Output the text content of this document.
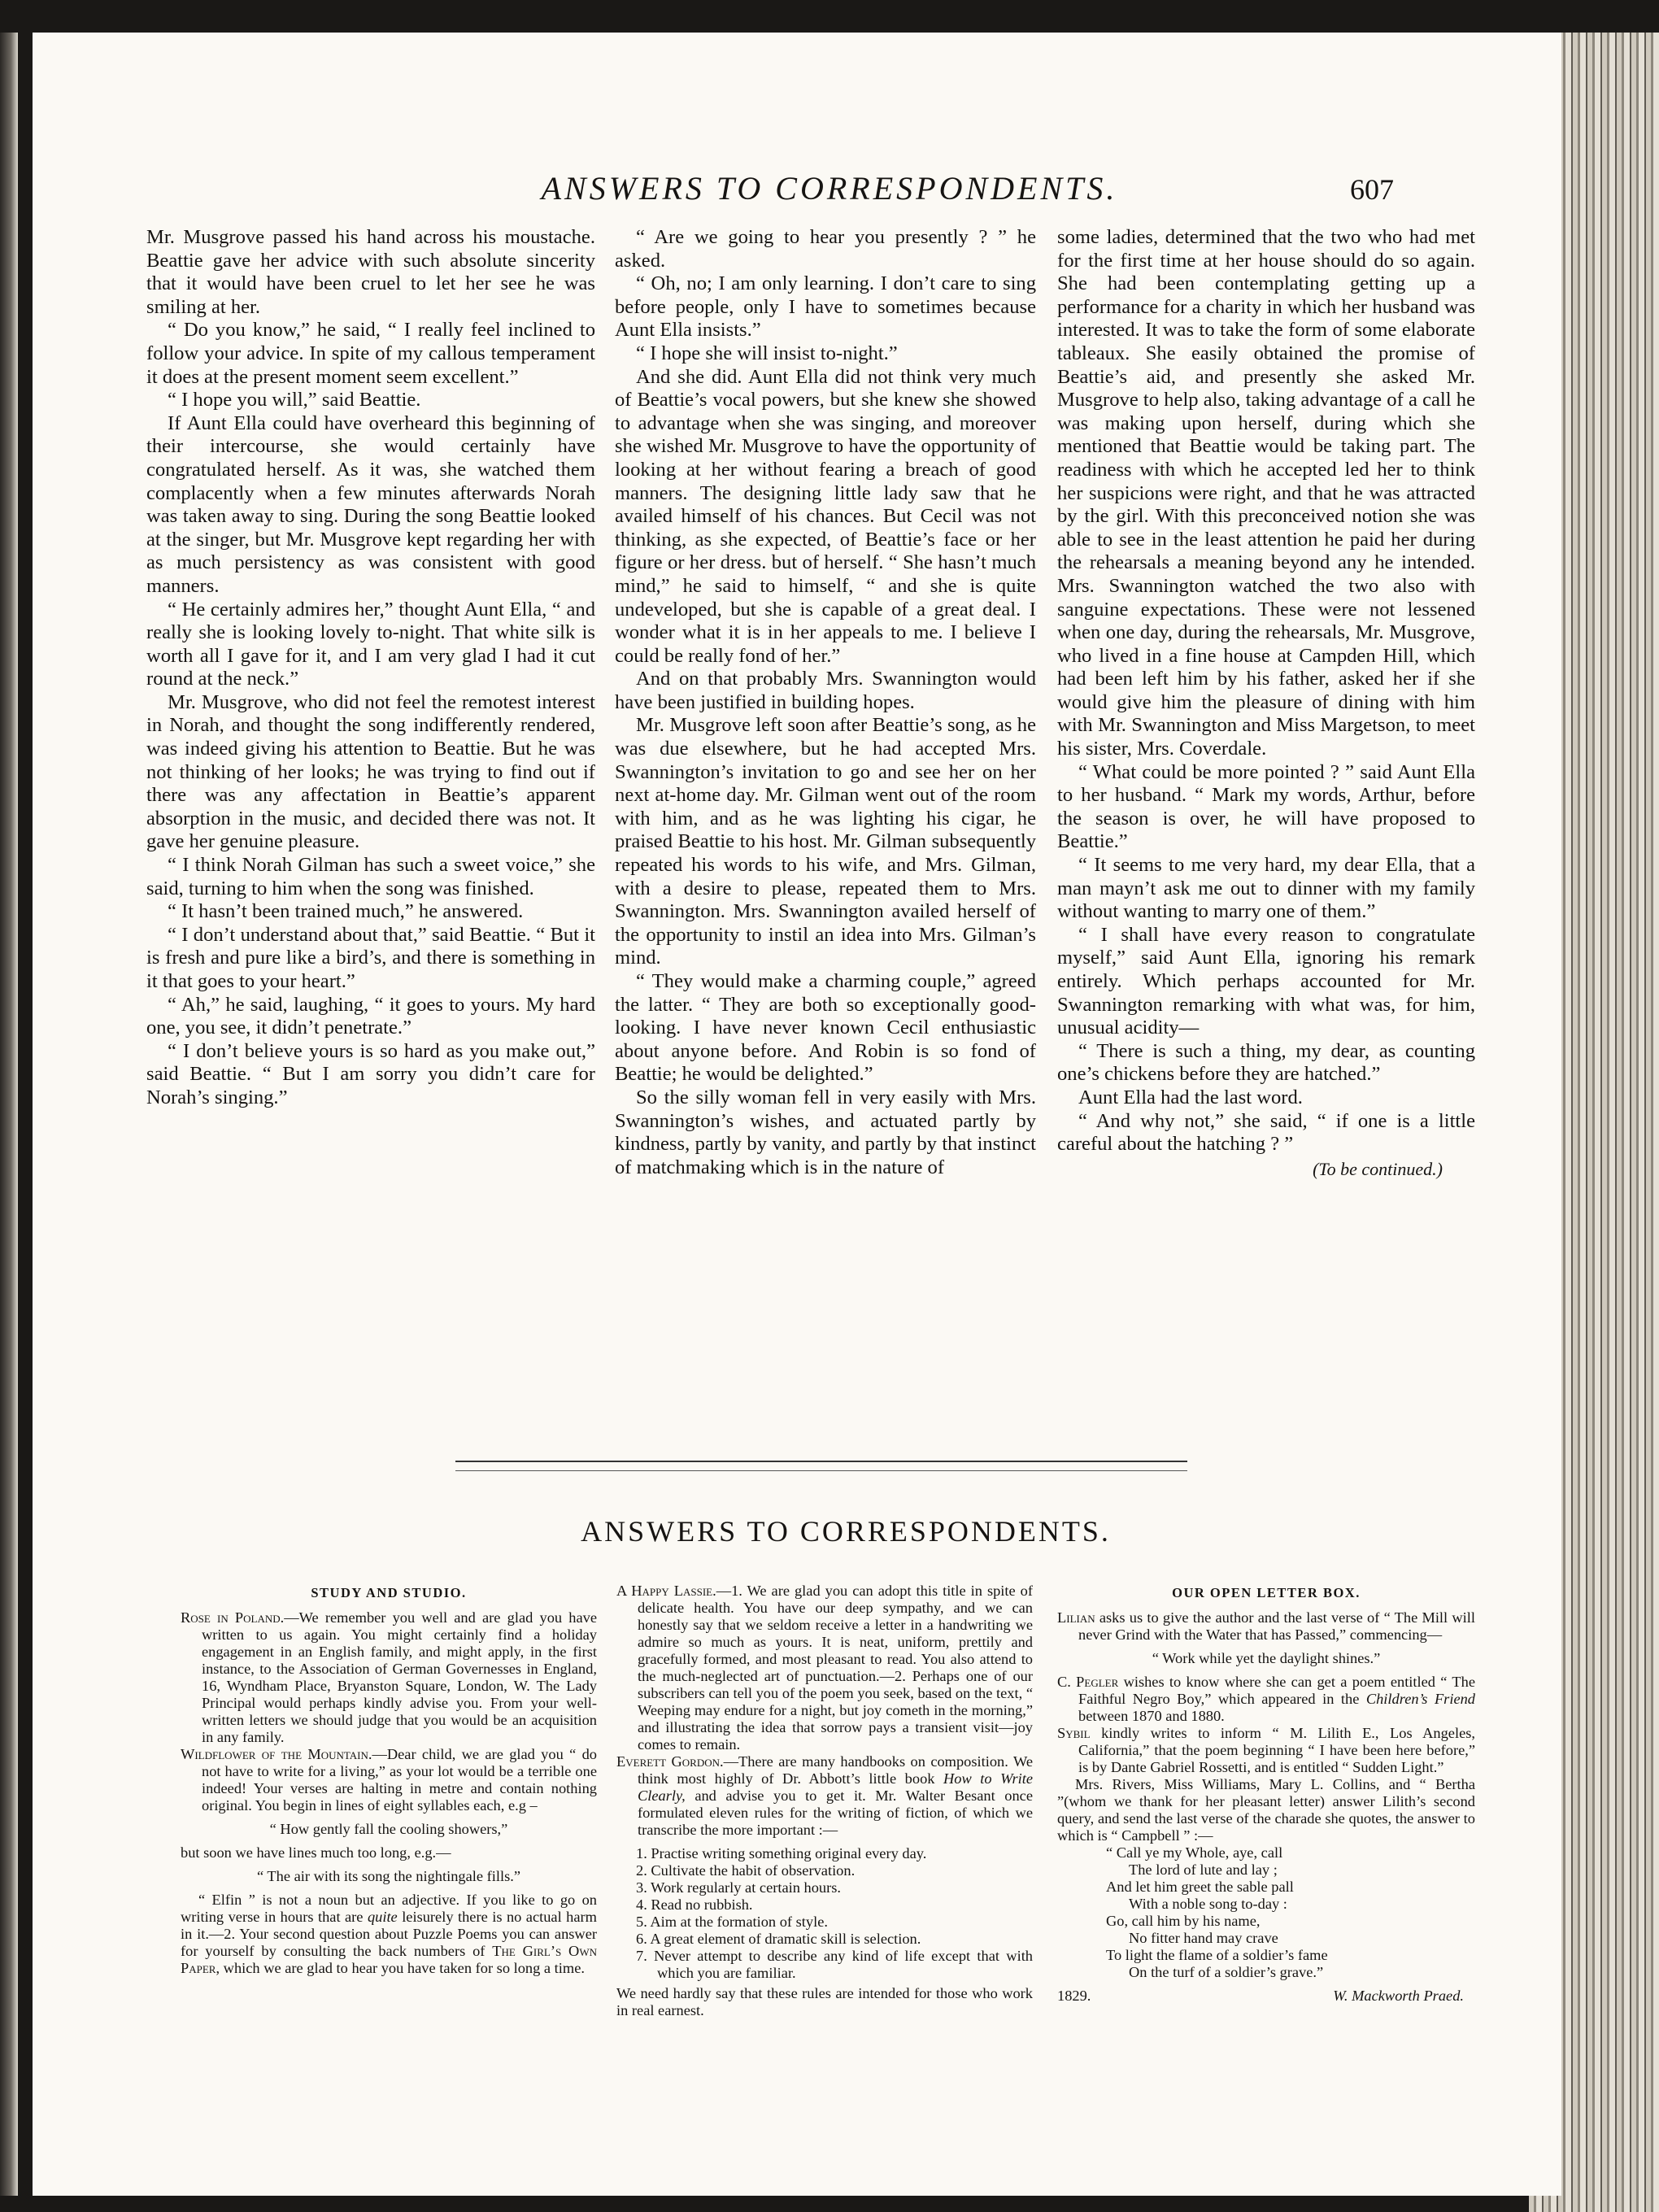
ANSWERS TO CORRESPONDENTS.	607

Mr. Musgrove passed his hand across his moustache. Beattie gave her advice with such absolute sincerity that it would have been cruel to let her see he was smiling at her.

“ Do you know,” he said, “ I really feel inclined to follow your advice. In spite of my callous temperament it does at the present moment seem excellent.”

“ I hope you will,” said Beattie.

If Aunt Ella could have overheard this beginning of their intercourse, she would certainly have congratulated herself. As it was, she watched them complacently when a few minutes afterwards Norah was taken away to sing. During the song Beattie looked at the singer, but Mr. Musgrove kept regarding her with as much persistency as was consistent with good manners.

“ He certainly admires her,” thought Aunt Ella, “ and really she is looking lovely to-night. That white silk is worth all I gave for it, and I am very glad I had it cut round at the neck.”

Mr. Musgrove, who did not feel the remotest interest in Norah, and thought the song indifferently rendered, was indeed giving his attention to Beattie. But he was not thinking of her looks; he was trying to find out if there was any affectation in Beattie’s apparent absorption in the music, and decided there was not. It gave her genuine pleasure.

“ I think Norah Gilman has such a sweet voice,” she said, turning to him when the song was finished.

“ It hasn’t been trained much,” he answered.

“ I don’t understand about that,” said Beattie. “ But it is fresh and pure like a bird’s, and there is something in it that goes to your heart.”

“ Ah,” he said, laughing, “ it goes to yours. My hard one, you see, it didn’t penetrate.”

“ I don’t believe yours is so hard as you make out,” said Beattie. “ But I am sorry you didn’t care for Norah’s singing.”

“ Are we going to hear you presently ? ” he asked.

“ Oh, no; I am only learning. I don’t care to sing before people, only I have to sometimes because Aunt Ella insists.”

“ I hope she will insist to-night.”

And she did. Aunt Ella did not think very much of Beattie’s vocal powers, but she knew she showed to advantage when she was singing, and moreover she wished Mr. Musgrove to have the opportunity of looking at her without fearing a breach of good manners. The designing little lady saw that he availed himself of his chances. But Cecil was not thinking, as she expected, of Beattie’s face or her figure or her dress. but of herself. “ She hasn’t much mind,” he said to himself, “ and she is quite undeveloped, but she is capable of a great deal. I wonder what it is in her appeals to me. I believe I could be really fond of her.”

And on that probably Mrs. Swannington would have been justified in building hopes.

Mr. Musgrove left soon after Beattie’s song, as he was due elsewhere, but he had accepted Mrs. Swannington’s invitation to go and see her on her next at-home day. Mr. Gilman went out of the room with him, and as he was lighting his cigar, he praised Beattie to his host. Mr. Gilman subsequently repeated his words to his wife, and Mrs. Gilman, with a desire to please, repeated them to Mrs. Swannington. Mrs. Swannington availed herself of the opportunity to instil an idea into Mrs. Gilman’s mind.

“ They would make a charming couple,” agreed the latter. “ They are both so exceptionally good-looking. I have never known Cecil enthusiastic about anyone before. And Robin is so fond of Beattie; he would be delighted.”

So the silly woman fell in very easily with Mrs. Swannington’s wishes, and actuated partly by kindness, partly by vanity, and partly by that instinct of matchmaking which is in the nature of

some ladies, determined that the two who had met for the first time at her house should do so again. She had been contemplating getting up a performance for a charity in which her husband was interested. It was to take the form of some elaborate tableaux. She easily obtained the promise of Beattie’s aid, and presently she asked Mr. Musgrove to help also, taking advantage of a call he was making upon herself, during which she mentioned that Beattie would be taking part. The readiness with which he accepted led her to think her suspicions were right, and that he was attracted by the girl. With this preconceived notion she was able to see in the least attention he paid her during the rehearsals a meaning beyond any he intended. Mrs. Swannington watched the two also with sanguine expectations. These were not lessened when one day, during the rehearsals, Mr. Musgrove, who lived in a fine house at Campden Hill, which had been left him by his father, asked her if she would give him the pleasure of dining with him with Mr. Swannington and Miss Margetson, to meet his sister, Mrs. Coverdale.

“ What could be more pointed ? ” said Aunt Ella to her husband. “ Mark my words, Arthur, before the season is over, he will have proposed to Beattie.”

“ It seems to me very hard, my dear Ella, that a man mayn’t ask me out to dinner with my family without wanting to marry one of them.”

“ I shall have every reason to congratulate myself,” said Aunt Ella, ignoring his remark entirely. Which perhaps accounted for Mr. Swannington remarking with what was, for him, unusual acidity—

“ There is such a thing, my dear, as counting one’s chickens before they are hatched.”

Aunt Ella had the last word.

“ And why not,” she said, “ if one is a little careful about the hatching ? ”

(To be continued.)
ANSWERS TO CORRESPONDENTS.
STUDY AND STUDIO.

Rose in Poland.—We remember you well and are glad you have written to us again. You might certainly find a holiday engagement in an English family, and might apply, in the first instance, to the Association of German Governesses in England, 16, Wyndham Place, Bryanston Square, London, W. The Lady Principal would perhaps kindly advise you. From your well-written letters we should judge that you would be an acquisition in any family.

Wildflower of the Mountain.—Dear child, we are glad you “ do not have to write for a living,” as your lot would be a terrible one indeed! Your verses are halting in metre and contain nothing original. You begin in lines of eight syllables each, e.g –

“ How gently fall the cooling showers,”

but soon we have lines much too long, e.g.—

“ The air with its song the nightingale fills.”

“ Elfin ” is not a noun but an adjective. If you like to go on writing verse in hours that are quite leisurely there is no actual harm in it.—2. Your second question about Puzzle Poems you can answer for yourself by consulting the back numbers of The Girl’s Own Paper, which we are glad to hear you have taken for so long a time.

A Happy Lassie.—1. We are glad you can adopt this title in spite of delicate health. You have our deep sympathy, and we can honestly say that we seldom receive a letter in a handwriting we admire so much as yours. It is neat, uniform, prettily and gracefully formed, and most pleasant to read. You also attend to the much-neglected art of punctuation.—2. Perhaps one of our subscribers can tell you of the poem you seek, based on the text, “ Weeping may endure for a night, but joy cometh in the morning,” and illustrating the idea that sorrow pays a transient visit—joy comes to remain.

Everett Gordon.—There are many handbooks on composition. We think most highly of Dr. Abbott’s little book How to Write Clearly, and advise you to get it. Mr. Walter Besant once formulated eleven rules for the writing of fiction, of which we transcribe the more important :—

1. Practise writing something original every day.
2. Cultivate the habit of observation.
3. Work regularly at certain hours.
4. Read no rubbish.
5. Aim at the formation of style.
6. A great element of dramatic skill is selection.
7. Never attempt to describe any kind of life except that with which you are familiar.

We need hardly say that these rules are intended for those who work in real earnest.

OUR OPEN LETTER BOX.

Lilian asks us to give the author and the last verse of “ The Mill will never Grind with the Water that has Passed,” commencing—

“ Work while yet the daylight shines.”

C. Pegler wishes to know where she can get a poem entitled “ The Faithful Negro Boy,” which appeared in the Children’s Friend between 1870 and 1880.

Sybil kindly writes to inform “ M. Lilith E., Los Angeles, California,” that the poem beginning “ I have been here before,” is by Dante Gabriel Rossetti, and is entitled “ Sudden Light.”

Mrs. Rivers, Miss Williams, Mary L. Collins, and “ Bertha ”(whom we thank for her pleasant letter) answer Lilith’s second query, and send the last verse of the charade she quotes, the answer to which is “ Campbell ” :—

“ Call ye my Whole, aye, call
The lord of lute and lay ;
And let him greet the sable pall
With a noble song to-day :
Go, call him by his name,
No fitter hand may crave
To light the flame of a soldier’s fame
On the turf of a soldier’s grave.”
1829.	W. Mackworth Praed.
